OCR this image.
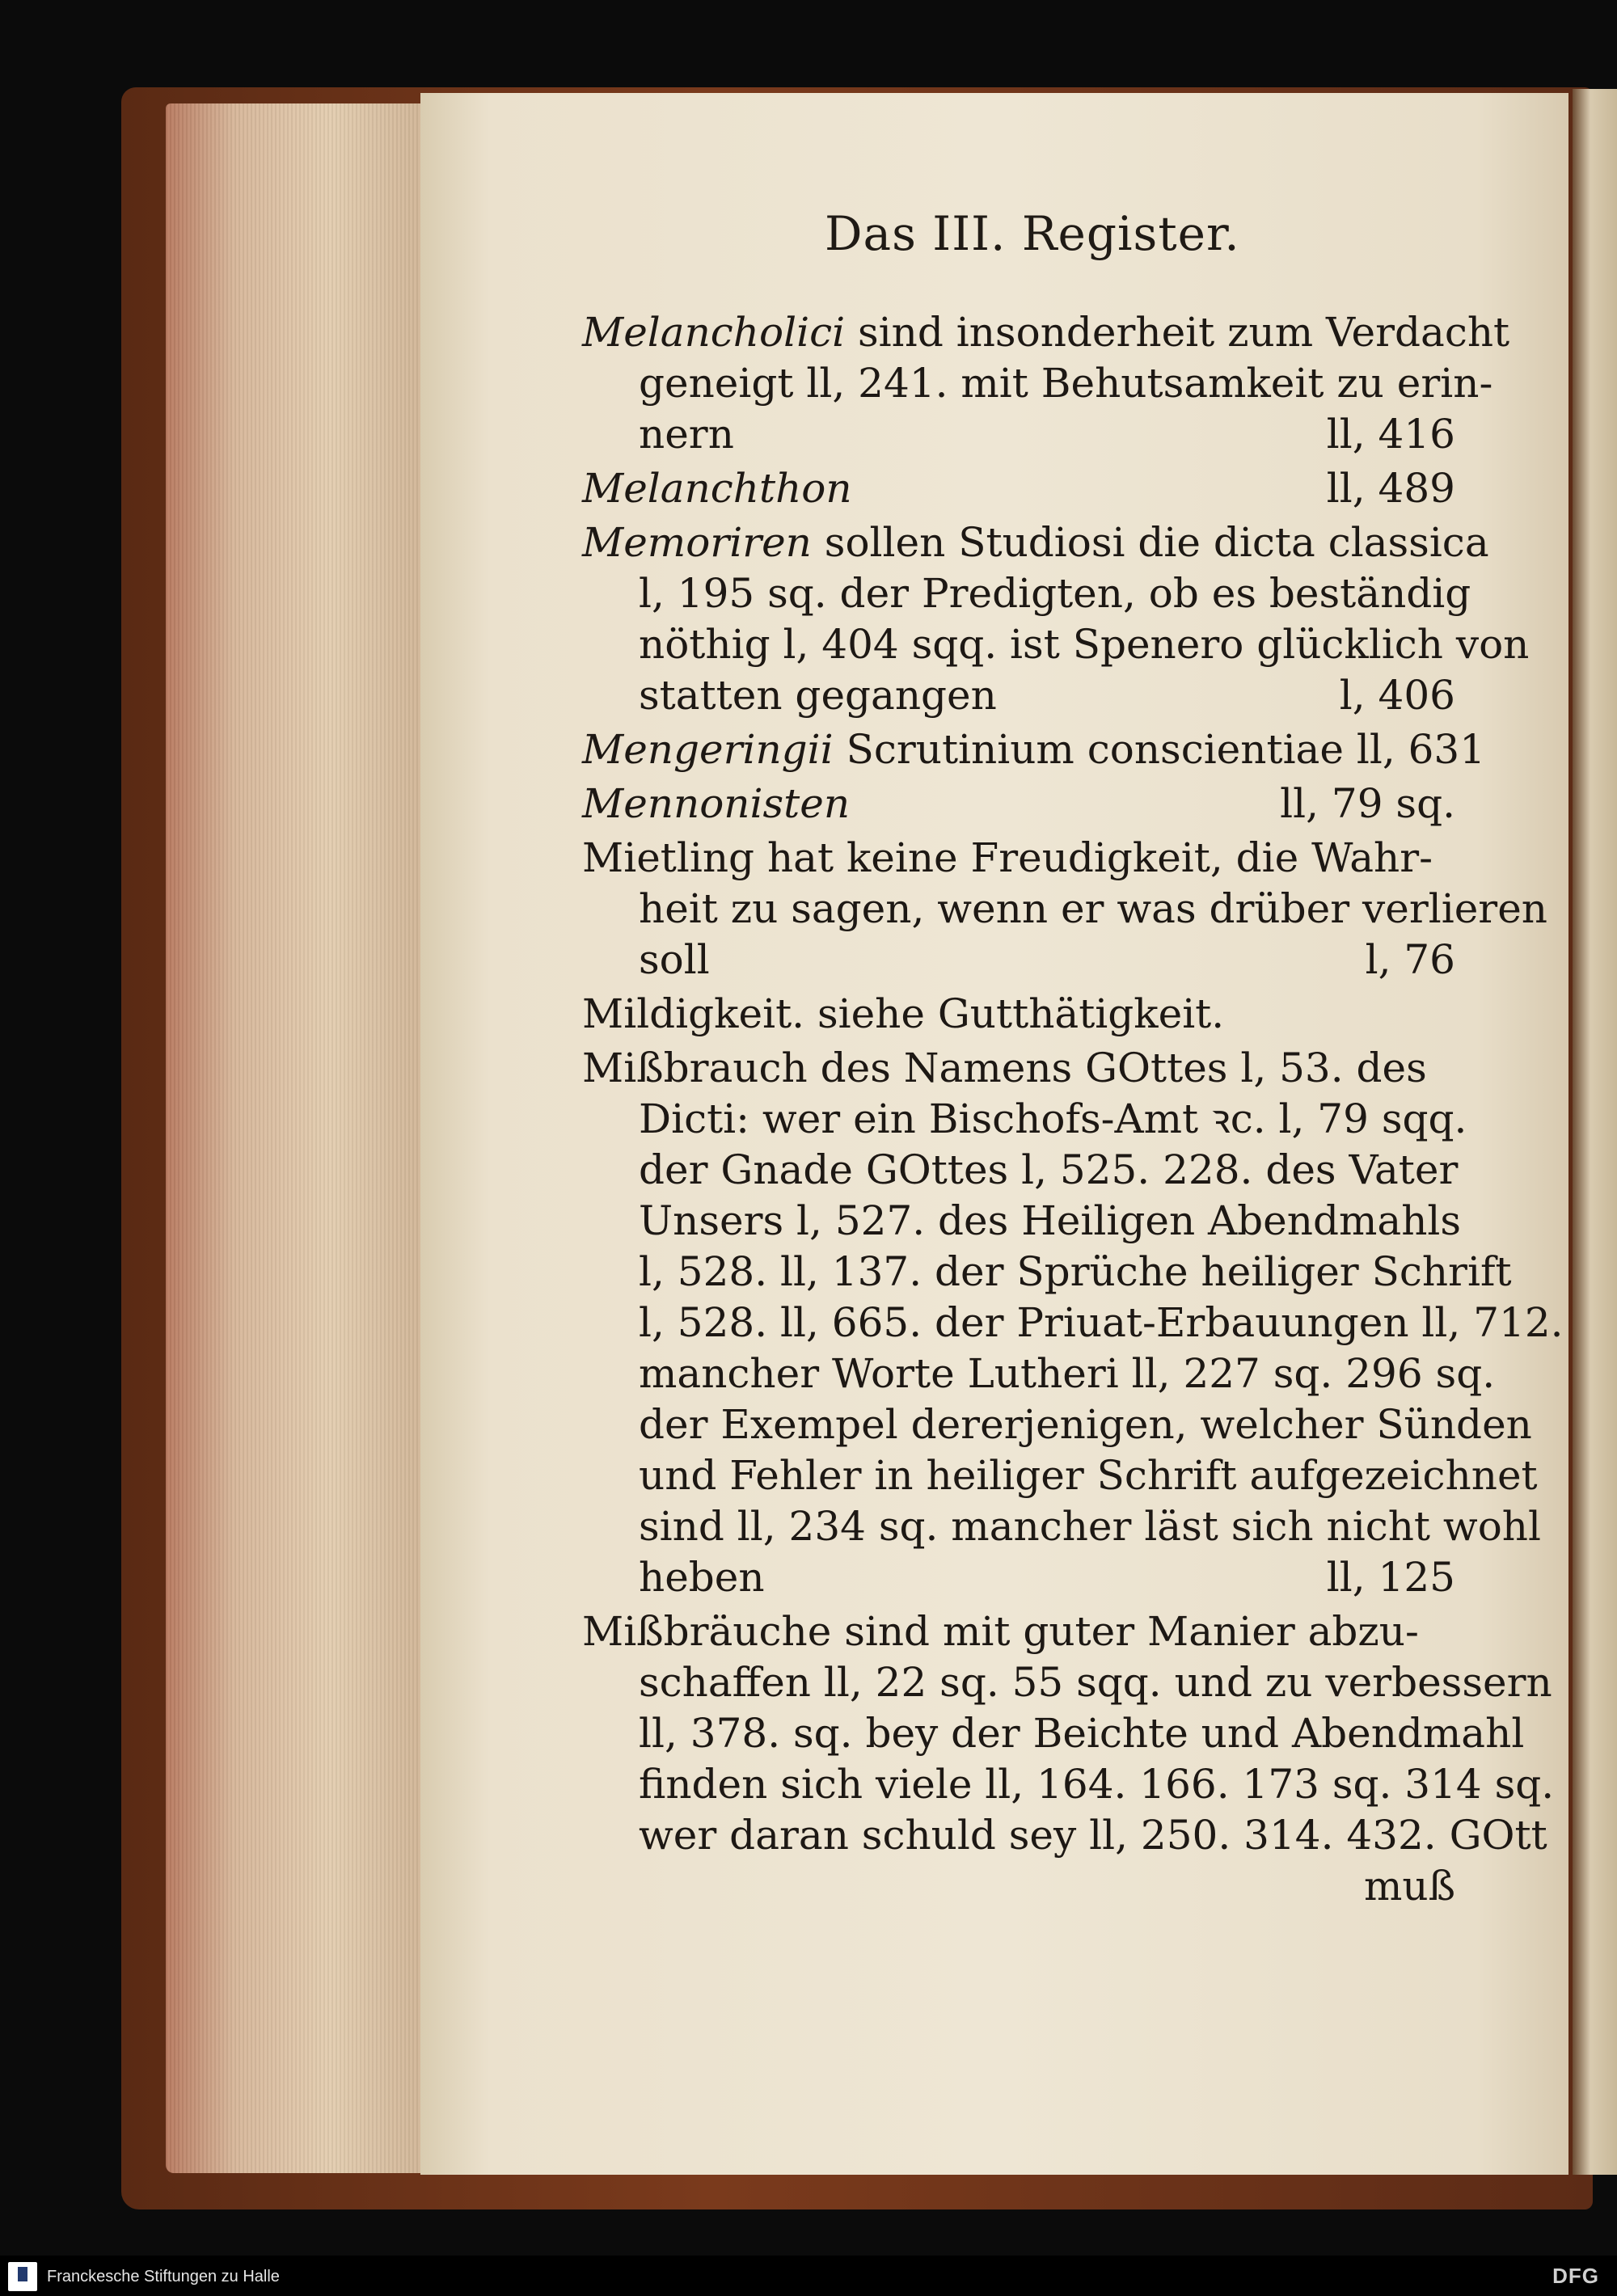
Das III. Register.
Melancholici sind insonderheit zum Verdacht
geneigt ll, 241. mit Behutsamkeit zu erin-
nern	ll, 416
Melanchthon	ll, 489
Memoriren sollen Studiosi die dicta classica
l, 195 sq. der Predigten, ob es beständig
nöthig l, 404 sqq. ist Spenero glücklich von
statten gegangen	l, 406
Mengeringii Scrutinium conscientiae ll, 631
Mennonisten	ll, 79 sq.
Mietling hat keine Freudigkeit, die Wahr-
heit zu sagen, wenn er was drüber verlieren
soll	l, 76
Mildigkeit. siehe Gutthätigkeit.
Mißbrauch des Namens GOttes l, 53. des
Dicti: wer ein Bischofs-Amt ꝛc. l, 79 sqq.
der Gnade GOttes l, 525. 228. des Vater
Unsers l, 527. des Heiligen Abendmahls
l, 528. ll, 137. der Sprüche heiliger Schrift
l, 528. ll, 665. der Priuat-Erbauungen ll, 712.
mancher Worte Lutheri ll, 227 sq. 296 sq.
der Exempel dererjenigen, welcher Sünden
und Fehler in heiliger Schrift aufgezeichnet
sind ll, 234 sq. mancher läst sich nicht wohl
heben	ll, 125
Mißbräuche sind mit guter Manier abzu-
schaffen ll, 22 sq. 55 sqq. und zu verbessern
ll, 378. sq. bey der Beichte und Abendmahl
finden sich viele ll, 164. 166. 173 sq. 314 sq.
wer daran schuld sey ll, 250. 314. 432. GOtt
muß
Franckesche Stiftungen zu Halle	DFG
